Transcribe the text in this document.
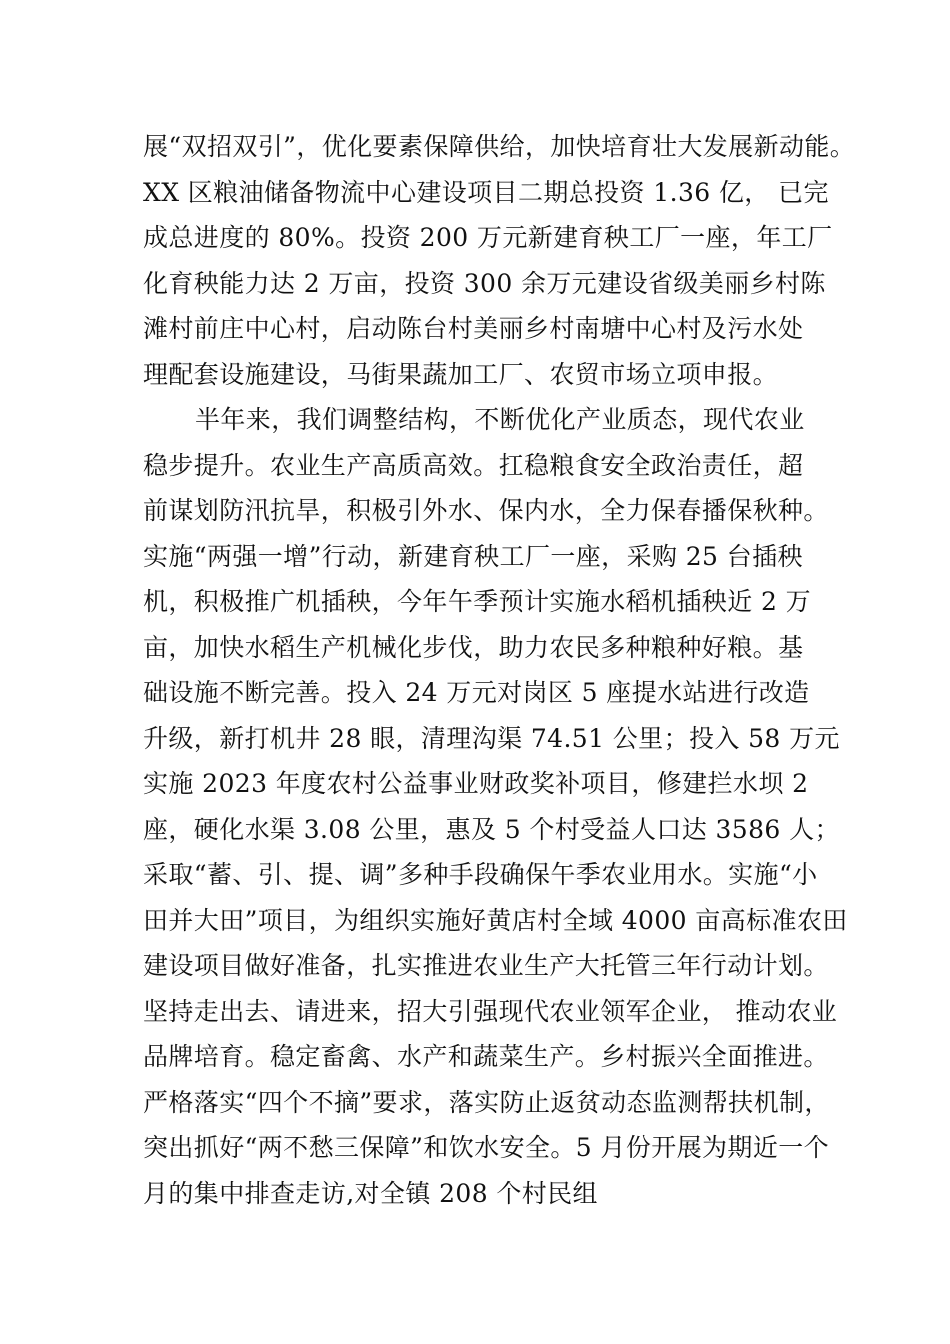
展“双招双引”，优化要素保障供给，加快培育壮大发展新动能。
XX 区粮油储备物流中心建设项目二期总投资 1.36 亿， 已完
成总进度的 80%。投资 200 万元新建育秧工厂一座，年工厂
化育秧能力达 2 万亩，投资 300 余万元建设省级美丽乡村陈
滩村前庄中心村，启动陈台村美丽乡村南塘中心村及污水处
理配套设施建设，马街果蔬加工厂、农贸市场立项申报。
半年来，我们调整结构，不断优化产业质态，现代农业
稳步提升。农业生产高质高效。扛稳粮食安全政治责任，超
前谋划防汛抗旱，积极引外水、保内水，全力保春播保秋种。
实施“两强一增”行动，新建育秧工厂一座，采购 25 台插秧
机，积极推广机插秧，今年午季预计实施水稻机插秧近 2 万
亩，加快水稻生产机械化步伐，助力农民多种粮种好粮。基
础设施不断完善。投入 24 万元对岗区 5 座提水站进行改造
升级，新打机井 28 眼，清理沟渠 74.51 公里；投入 58 万元
实施 2023 年度农村公益事业财政奖补项目，修建拦水坝 2
座，硬化水渠 3.08 公里，惠及 5 个村受益人口达 3586 人；
采取“蓄、引、提、调”多种手段确保午季农业用水。实施“小
田并大田”项目，为组织实施好黄店村全域 4000 亩高标准农田
建设项目做好准备，扎实推进农业生产大托管三年行动计划。
坚持走出去、请进来，招大引强现代农业领军企业， 推动农业
品牌培育。稳定畜禽、水产和蔬菜生产。乡村振兴全面推进。
严格落实“四个不摘”要求，落实防止返贫动态监测帮扶机制，
突出抓好“两不愁三保障”和饮水安全。5 月份开展为期近一个
月的集中排查走访,对全镇 208 个村民组
